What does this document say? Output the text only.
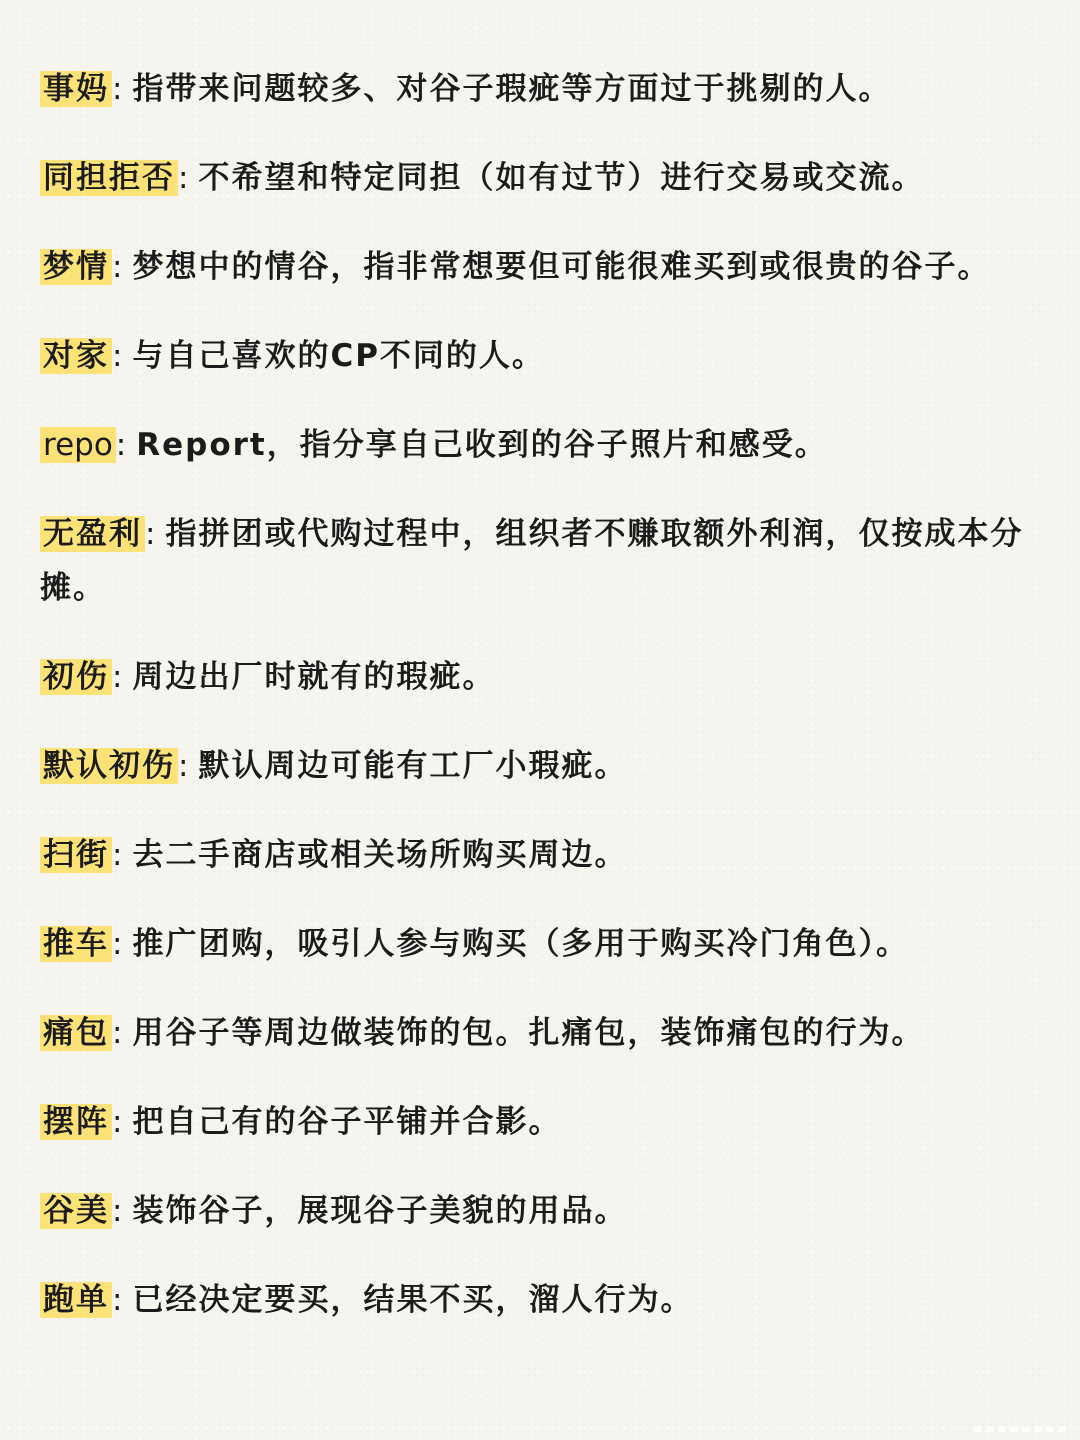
事妈: 指带来问题较多、对谷子瑕疵等方面过于挑剔的人。
同担拒否: 不希望和特定同担（如有过节）进行交易或交流。
梦情: 梦想中的情谷，指非常想要但可能很难买到或很贵的谷子。
对家: 与自己喜欢的CP不同的人。
repo: Report，指分享自己收到的谷子照片和感受。
无盈利: 指拼团或代购过程中，组织者不赚取额外利润，仅按成本分摊。
初伤: 周边出厂时就有的瑕疵。
默认初伤: 默认周边可能有工厂小瑕疵。
扫街: 去二手商店或相关场所购买周边。
推车: 推广团购，吸引人参与购买（多用于购买冷门角色）。
痛包: 用谷子等周边做装饰的包。扎痛包，装饰痛包的行为。
摆阵: 把自己有的谷子平铺并合影。
谷美: 装饰谷子，展现谷子美貌的用品。
跑单: 已经决定要买，结果不买，溜人行为。
